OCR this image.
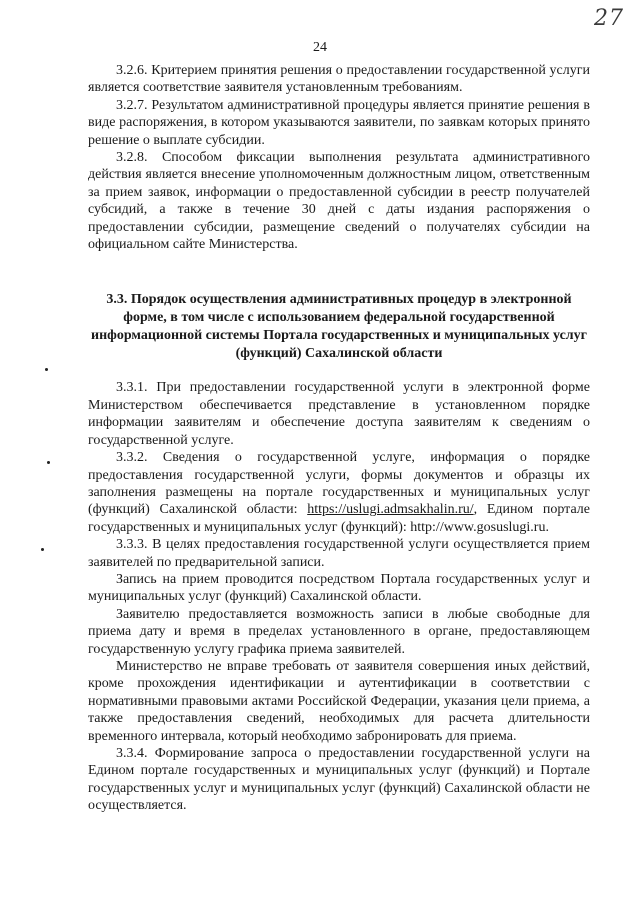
27
24

3.2.6. Критерием принятия решения о предоставлении государственной услуги является соответствие заявителя установленным требованиям.

3.2.7. Результатом административной процедуры является принятие решения в виде распоряжения, в котором указываются заявители, по заявкам которых принято решение о выплате субсидии.

3.2.8. Способом фиксации выполнения результата административного действия является внесение уполномоченным должностным лицом, ответственным за прием заявок, информации о предоставленной субсидии в реестр получателей субсидий, а также в течение 30 дней с даты издания распоряжения о предоставлении субсидии, размещение сведений о получателях субсидии на официальном сайте Министерства.

3.3. Порядок осуществления административных процедур в электронной форме, в том числе с использованием федеральной государственной информационной системы Портала государственных и муниципальных услуг (функций) Сахалинской области

3.3.1. При предоставлении государственной услуги в электронной форме Министерством обеспечивается представление в установленном порядке информации заявителям и обеспечение доступа заявителям к сведениям о государственной услуге.

3.3.2. Сведения о государственной услуге, информация о порядке предоставления государственной услуги, формы документов и образцы их заполнения размещены на портале государственных и муниципальных услуг (функций) Сахалинской области: https://uslugi.admsakhalin.ru/, Едином портале государственных и муниципальных услуг (функций): http://www.gosuslugi.ru.

3.3.3. В целях предоставления государственной услуги осуществляется прием заявителей по предварительной записи.

Запись на прием проводится посредством Портала государственных услуг и муниципальных услуг (функций) Сахалинской области.

Заявителю предоставляется возможность записи в любые свободные для приема дату и время в пределах установленного в органе, предоставляющем государственную услугу графика приема заявителей.

Министерство не вправе требовать от заявителя совершения иных действий, кроме прохождения идентификации и аутентификации в соответствии с нормативными правовыми актами Российской Федерации, указания цели приема, а также предоставления сведений, необходимых для расчета длительности временного интервала, который необходимо забронировать для приема.

3.3.4. Формирование запроса о предоставлении государственной услуги на Едином портале государственных и муниципальных услуг (функций) и Портале государственных услуг и муниципальных услуг (функций) Сахалинской области не осуществляется.
